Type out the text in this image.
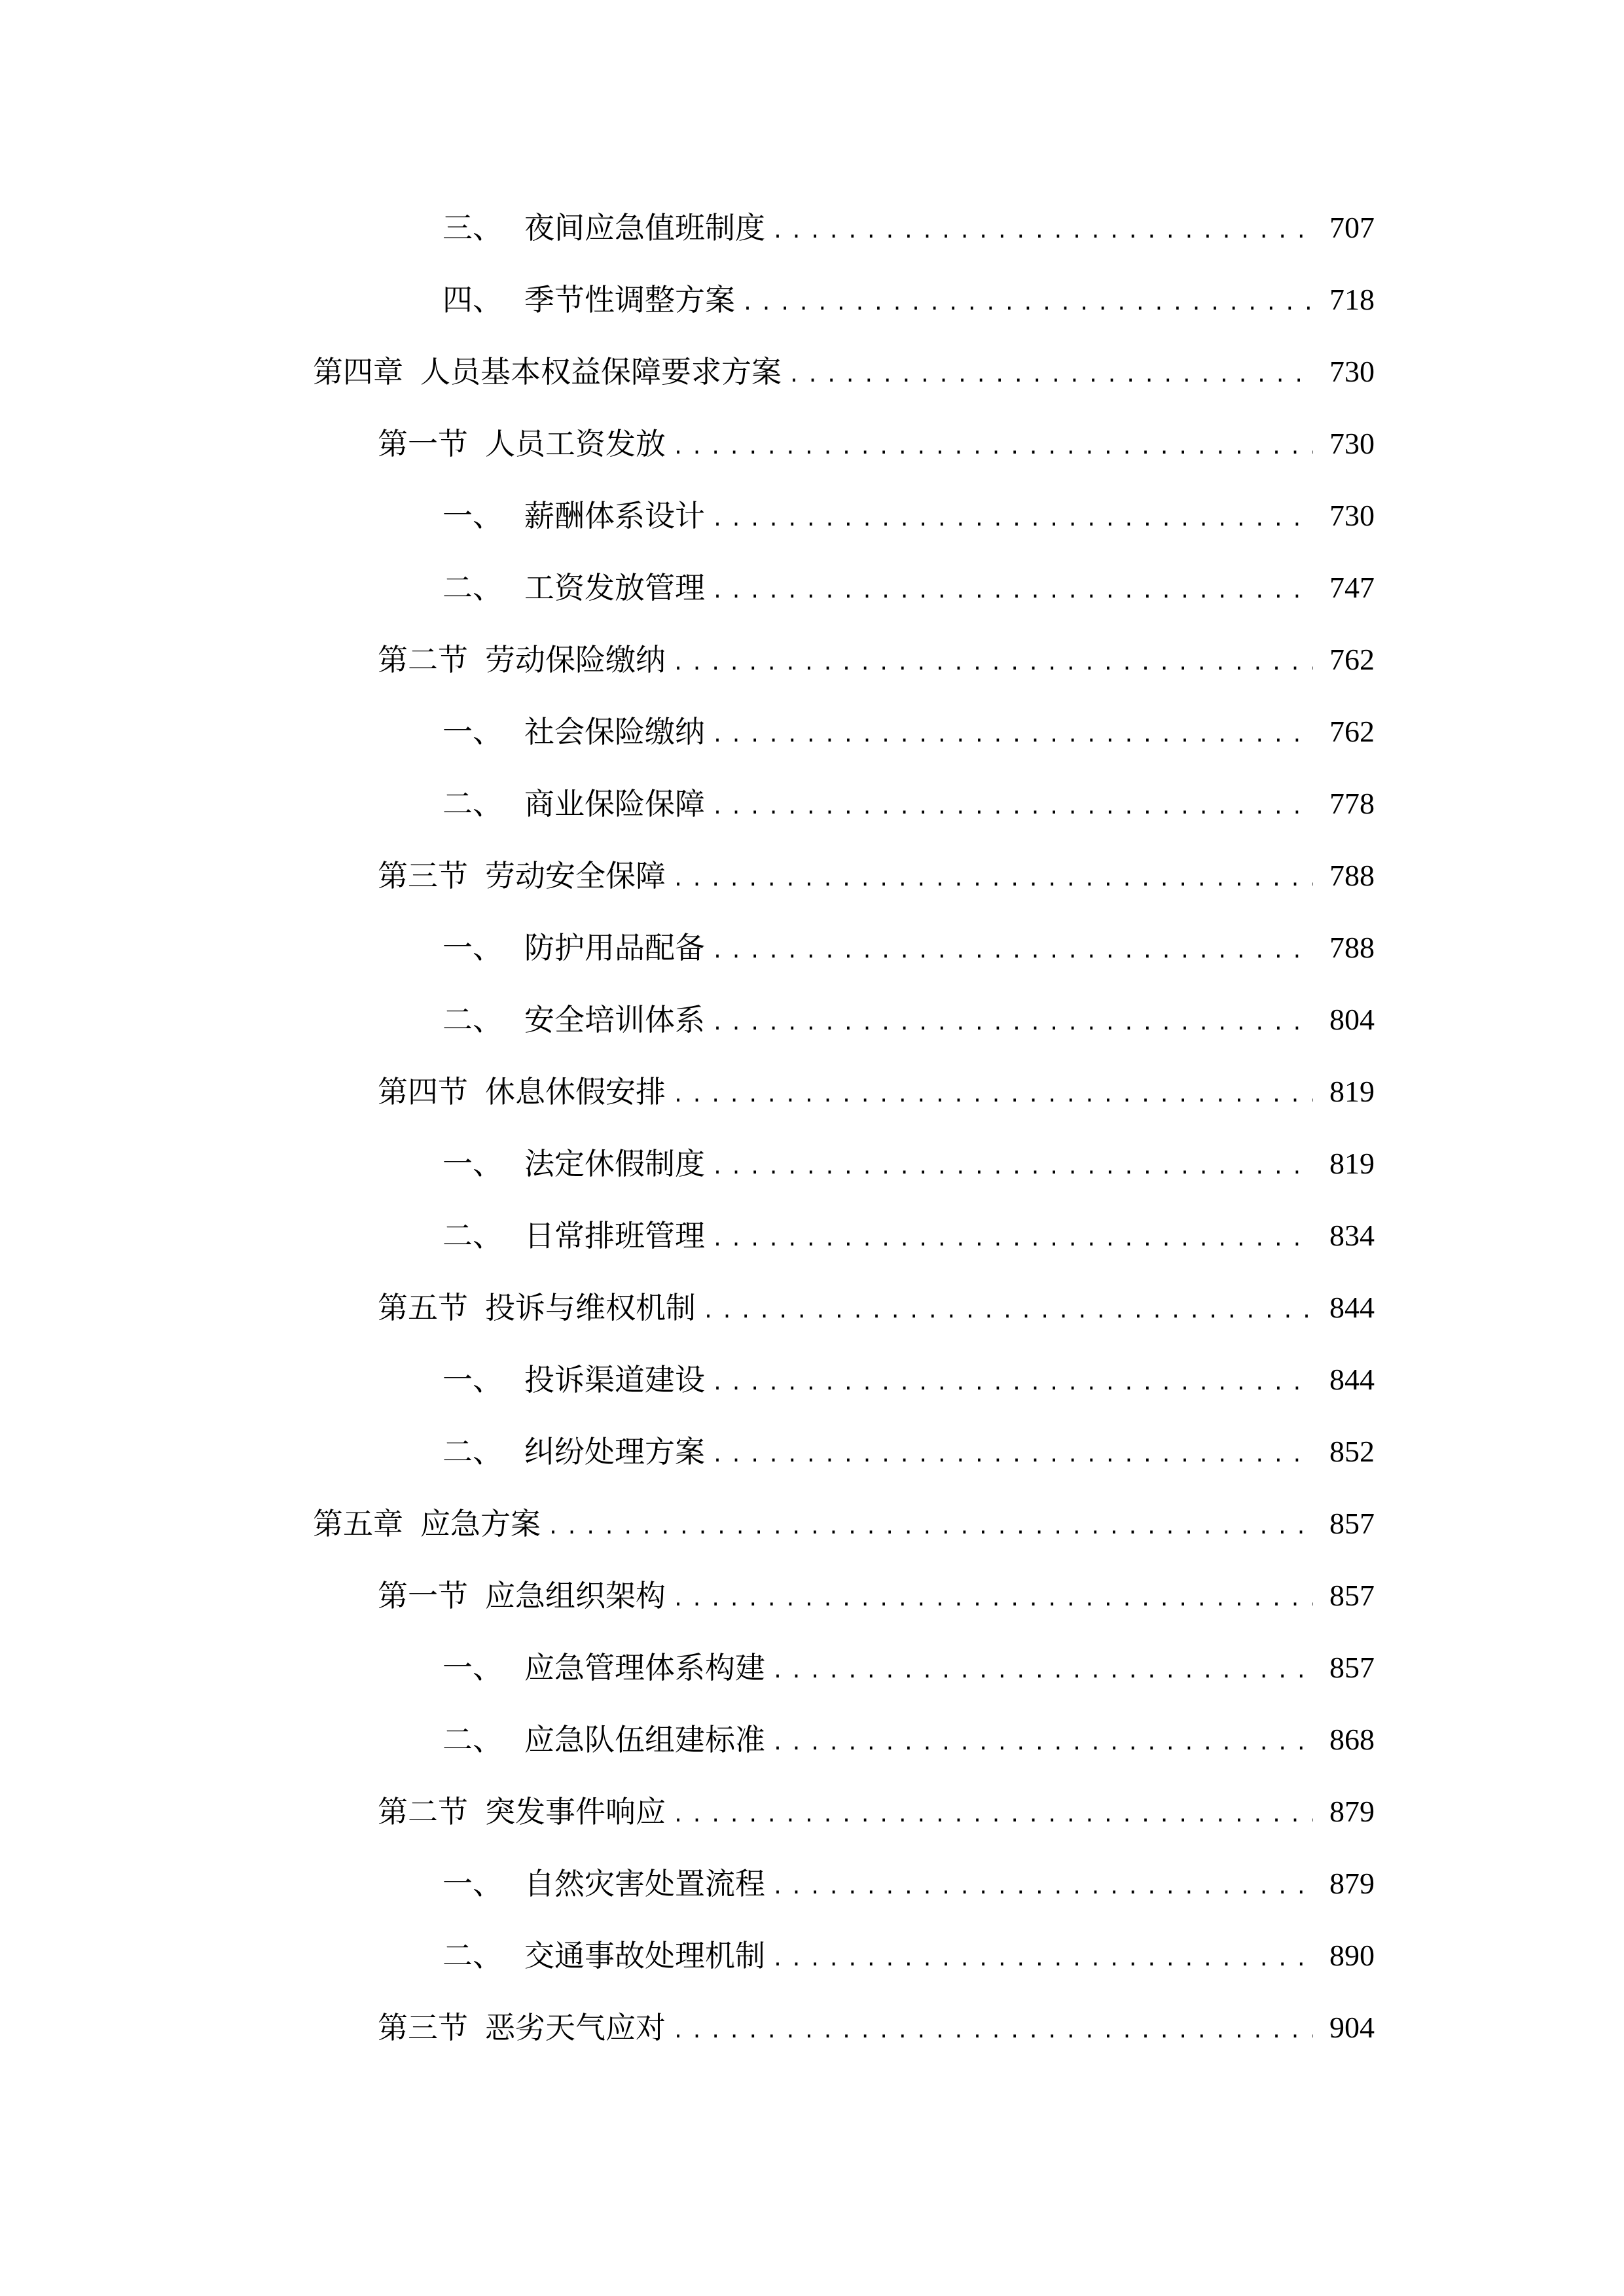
三、 夜间应急值班制度 .....	707
四、 季节性调整方案 .....	718
第四章 人员基本权益保障要求方案 .....	730
第一节 人员工资发放 .....	730
一、 薪酬体系设计 .....	730
二、 工资发放管理 .....	747
第二节 劳动保险缴纳 .....	762
一、 社会保险缴纳 .....	762
二、 商业保险保障 .....	778
第三节 劳动安全保障 .....	788
一、 防护用品配备 .....	788
二、 安全培训体系 .....	804
第四节 休息休假安排 .....	819
一、 法定休假制度 .....	819
二、 日常排班管理 .....	834
第五节 投诉与维权机制 .....	844
一、 投诉渠道建设 .....	844
二、 纠纷处理方案 .....	852
第五章 应急方案 .....	857
第一节 应急组织架构 .....	857
一、 应急管理体系构建 .....	857
二、 应急队伍组建标准 .....	868
第二节 突发事件响应 .....	879
一、 自然灾害处置流程 .....	879
二、 交通事故处理机制 .....	890
第三节 恶劣天气应对 .....	904
